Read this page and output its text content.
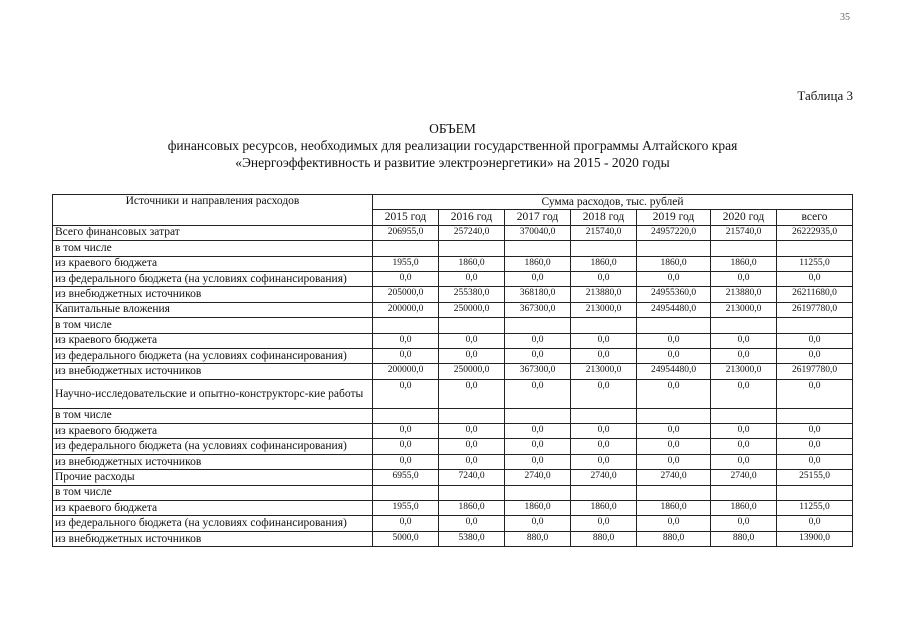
35
Таблица 3
ОБЪЕМ
финансовых ресурсов, необходимых для реализации государственной программы Алтайского края
«Энергоэффективность и развитие электроэнергетики» на 2015 - 2020 годы
Источники и направления расходов	Сумма расходов, тыс. рублей						
	2015 год	2016 год	2017 год	2018 год	2019 год	2020 год	всего
Всего финансовых затрат	206955,0	257240,0	370040,0	215740,0	24957220,0	215740,0	26222935,0
в том числе							
из краевого бюджета	1955,0	1860,0	1860,0	1860,0	1860,0	1860,0	11255,0
из федерального бюджета (на условиях софинансирования)	0,0	0,0	0,0	0,0	0,0	0,0	0,0
из внебюджетных источников	205000,0	255380,0	368180,0	213880,0	24955360,0	213880,0	26211680,0
Капитальные вложения	200000,0	250000,0	367300,0	213000,0	24954480,0	213000,0	26197780,0
в том числе							
из краевого бюджета	0,0	0,0	0,0	0,0	0,0	0,0	0,0
из федерального бюджета (на условиях софинансирования)	0,0	0,0	0,0	0,0	0,0	0,0	0,0
из внебюджетных источников	200000,0	250000,0	367300,0	213000,0	24954480,0	213000,0	26197780,0
Научно-исследовательские и опытно-конструкторс-кие работы	0,0	0,0	0,0	0,0	0,0	0,0	0,0
в том числе							
из краевого бюджета	0,0	0,0	0,0	0,0	0,0	0,0	0,0
из федерального бюджета (на условиях софинансирования)	0,0	0,0	0,0	0,0	0,0	0,0	0,0
из внебюджетных источников	0,0	0,0	0,0	0,0	0,0	0,0	0,0
Прочие расходы	6955,0	7240,0	2740,0	2740,0	2740,0	2740,0	25155,0
в том числе							
из краевого бюджета	1955,0	1860,0	1860,0	1860,0	1860,0	1860,0	11255,0
из федерального бюджета (на условиях софинансирования)	0,0	0,0	0,0	0,0	0,0	0,0	0,0
из внебюджетных источников	5000,0	5380,0	880,0	880,0	880,0	880,0	13900,0
